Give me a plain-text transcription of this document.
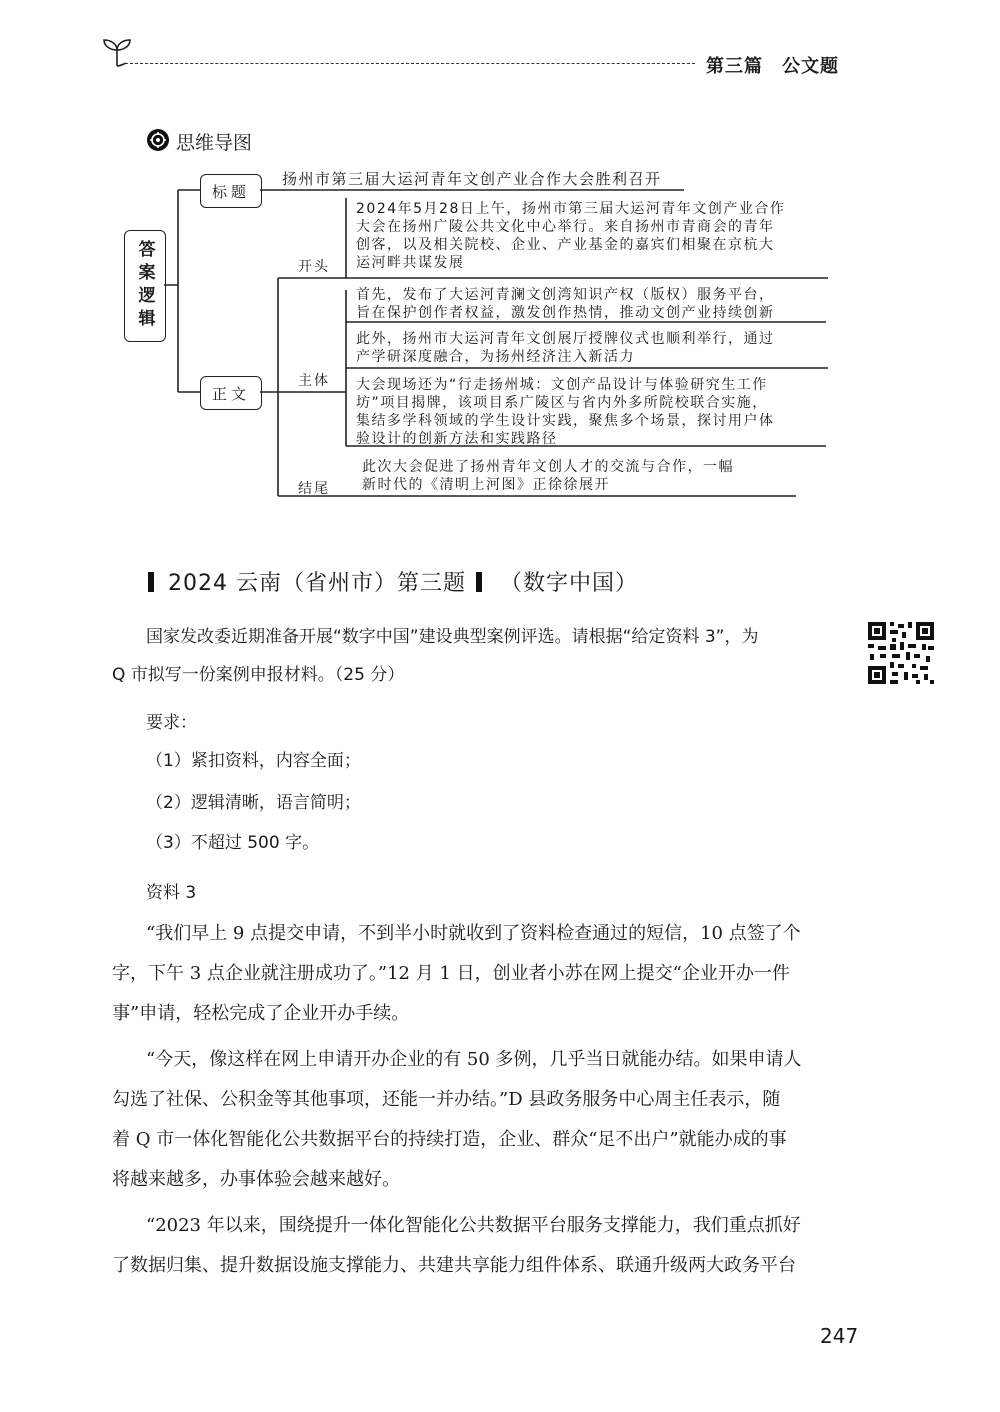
第三篇　公文题
思维导图
答案逻辑
标题
正文
扬州市第三届大运河青年文创产业合作大会胜利召开
开头
2024年5月28日上午，扬州市第三届大运河青年文创产业合作
大会在扬州广陵公共文化中心举行。来自扬州市青商会的青年
创客，以及相关院校、企业、产业基金的嘉宾们相聚在京杭大
运河畔共谋发展
主体
首先，发布了大运河青澜文创湾知识产权（版权）服务平台，
旨在保护创作者权益，激发创作热情，推动文创产业持续创新
此外，扬州市大运河青年文创展厅授牌仪式也顺利举行，通过
产学研深度融合，为扬州经济注入新活力
大会现场还为“行走扬州城：文创产品设计与体验研究生工作
坊”项目揭牌，该项目系广陵区与省内外多所院校联合实施，
集结多学科领域的学生设计实践，聚焦多个场景，探讨用户体
验设计的创新方法和实践路径
结尾
此次大会促进了扬州青年文创人才的交流与合作，一幅
新时代的《清明上河图》正徐徐展开
2024 云南（省州市）第三题 （数字中国）
国家发改委近期准备开展“数字中国”建设典型案例评选。请根据“给定资料 3”，为
Q 市拟写一份案例申报材料。（25 分）
要求：
（1）紧扣资料，内容全面；
（2）逻辑清晰，语言简明；
（3）不超过 500 字。
资料 3
“我们早上 9 点提交申请，不到半小时就收到了资料检查通过的短信，10 点签了个
字，下午 3 点企业就注册成功了。”12 月 1 日，创业者小苏在网上提交“企业开办一件
事”申请，轻松完成了企业开办手续。
“今天，像这样在网上申请开办企业的有 50 多例，几乎当日就能办结。如果申请人
勾选了社保、公积金等其他事项，还能一并办结。”D 县政务服务中心周主任表示，随
着 Q 市一体化智能化公共数据平台的持续打造，企业、群众“足不出户”就能办成的事
将越来越多，办事体验会越来越好。
“2023 年以来，围绕提升一体化智能化公共数据平台服务支撑能力，我们重点抓好
了数据归集、提升数据设施支撑能力、共建共享能力组件体系、联通升级两大政务平台
247
